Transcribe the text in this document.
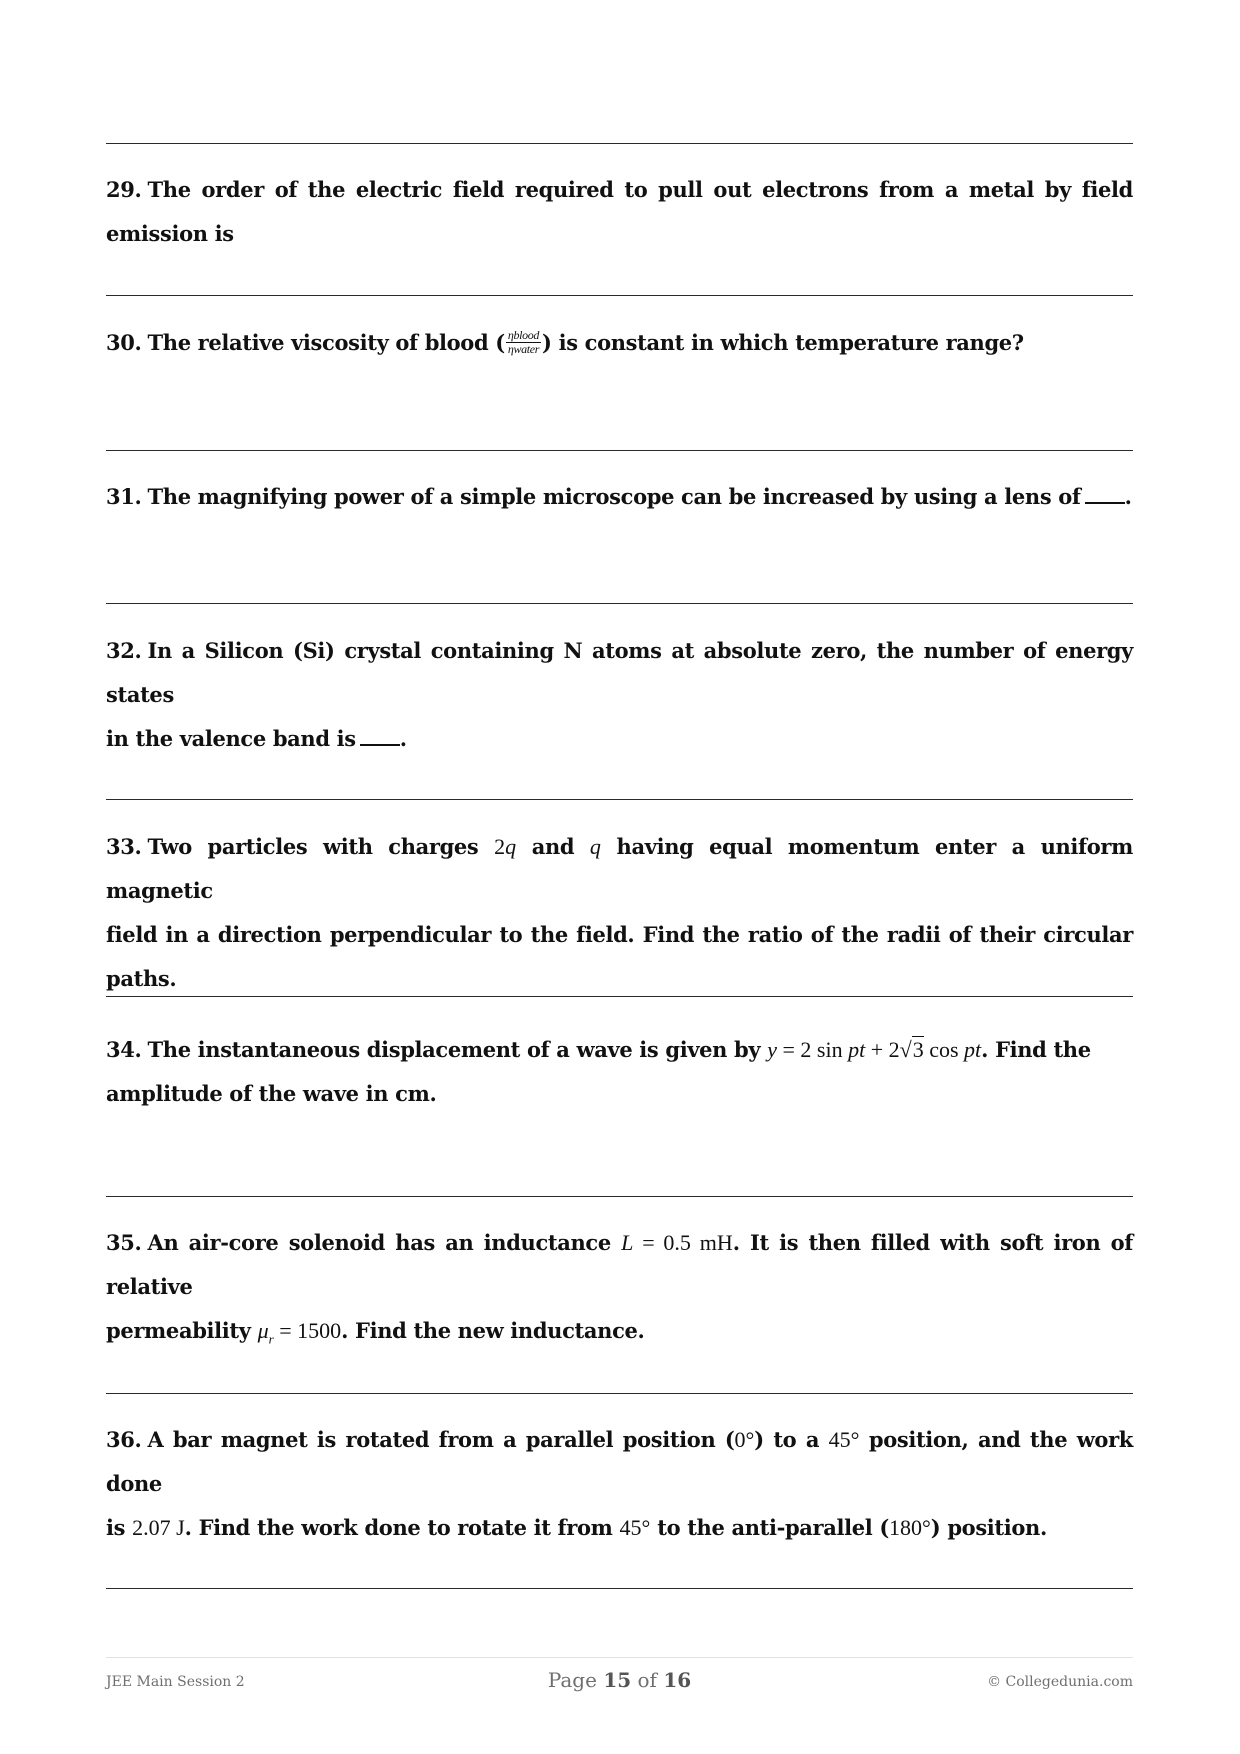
29. The order of the electric field required to pull out electrons from a metal by field emission is
30. The relative viscosity of blood ( $\frac{\text{ηblood}}{\text{ηwater}}$ ) is constant in which temperature range?
31. The magnifying power of a simple microscope can be increased by using a lens of .
32. In a Silicon (Si) crystal containing N atoms at absolute zero, the number of energy states
in the valence band is .
33. Two particles with charges 2q and q having equal momentum enter a uniform magnetic
field in a direction perpendicular to the field. Find the ratio of the radii of their circular paths.
34. The instantaneous displacement of a wave is given by y = 2 sin pt + 2√3 cos pt. Find the
amplitude of the wave in cm.
35. An air-core solenoid has an inductance L = 0.5 mH. It is then filled with soft iron of relative
permeability $\mu_r = 1500$. Find the new inductance.
36. A bar magnet is rotated from a parallel position (0°) to a 45° position, and the work done
is 2.07 J. Find the work done to rotate it from 45° to the anti-parallel (180°) position.
JEE Main Session 2	Page 15 of 16	© Collegedunia.com
